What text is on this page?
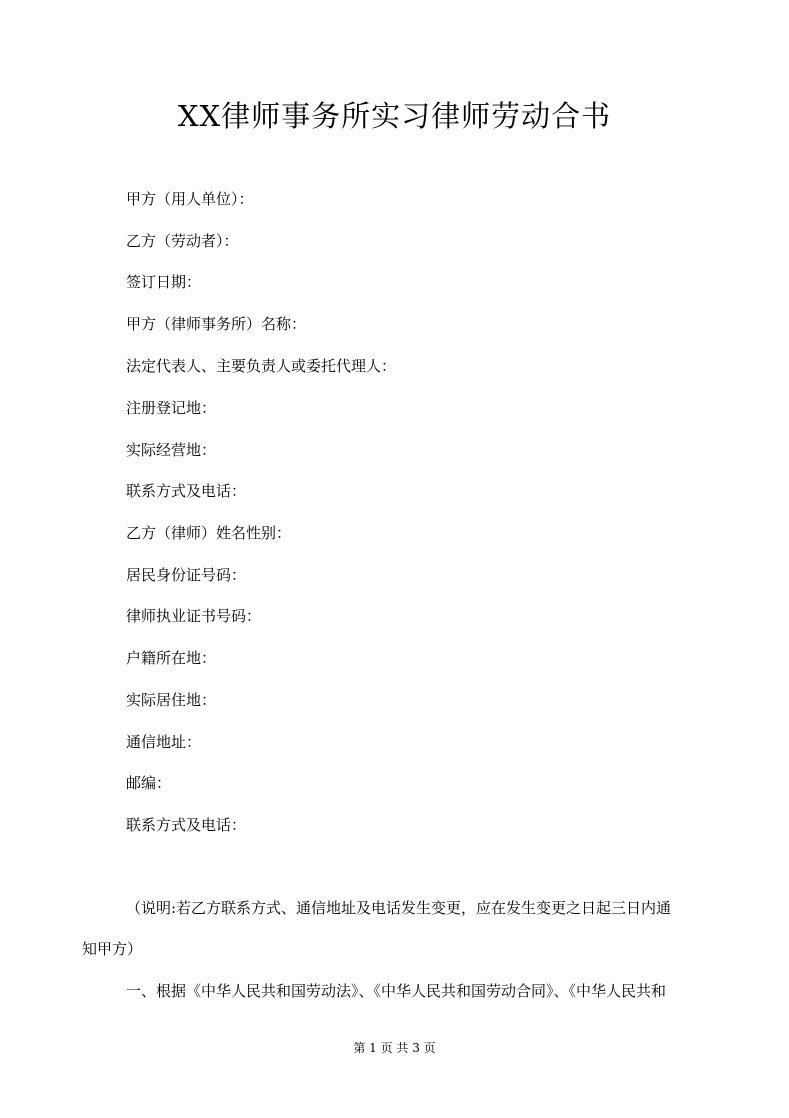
XX律师事务所实习律师劳动合书
甲方（用人单位）：
乙方（劳动者）：
签订日期：
甲方（律师事务所）名称：
法定代表人、主要负责人或委托代理人：
注册登记地：
实际经营地：
联系方式及电话：
乙方（律师）姓名性别：
居民身份证号码：
律师执业证书号码：
户籍所在地：
实际居住地：
通信地址：
邮编：
联系方式及电话：
（说明:若乙方联系方式、通信地址及电话发生变更，应在发生变更之日起三日内通
知甲方）
一、根据《中华人民共和国劳动法》、《中华人民共和国劳动合同》、《中华人民共和
第 1 页 共 3 页
